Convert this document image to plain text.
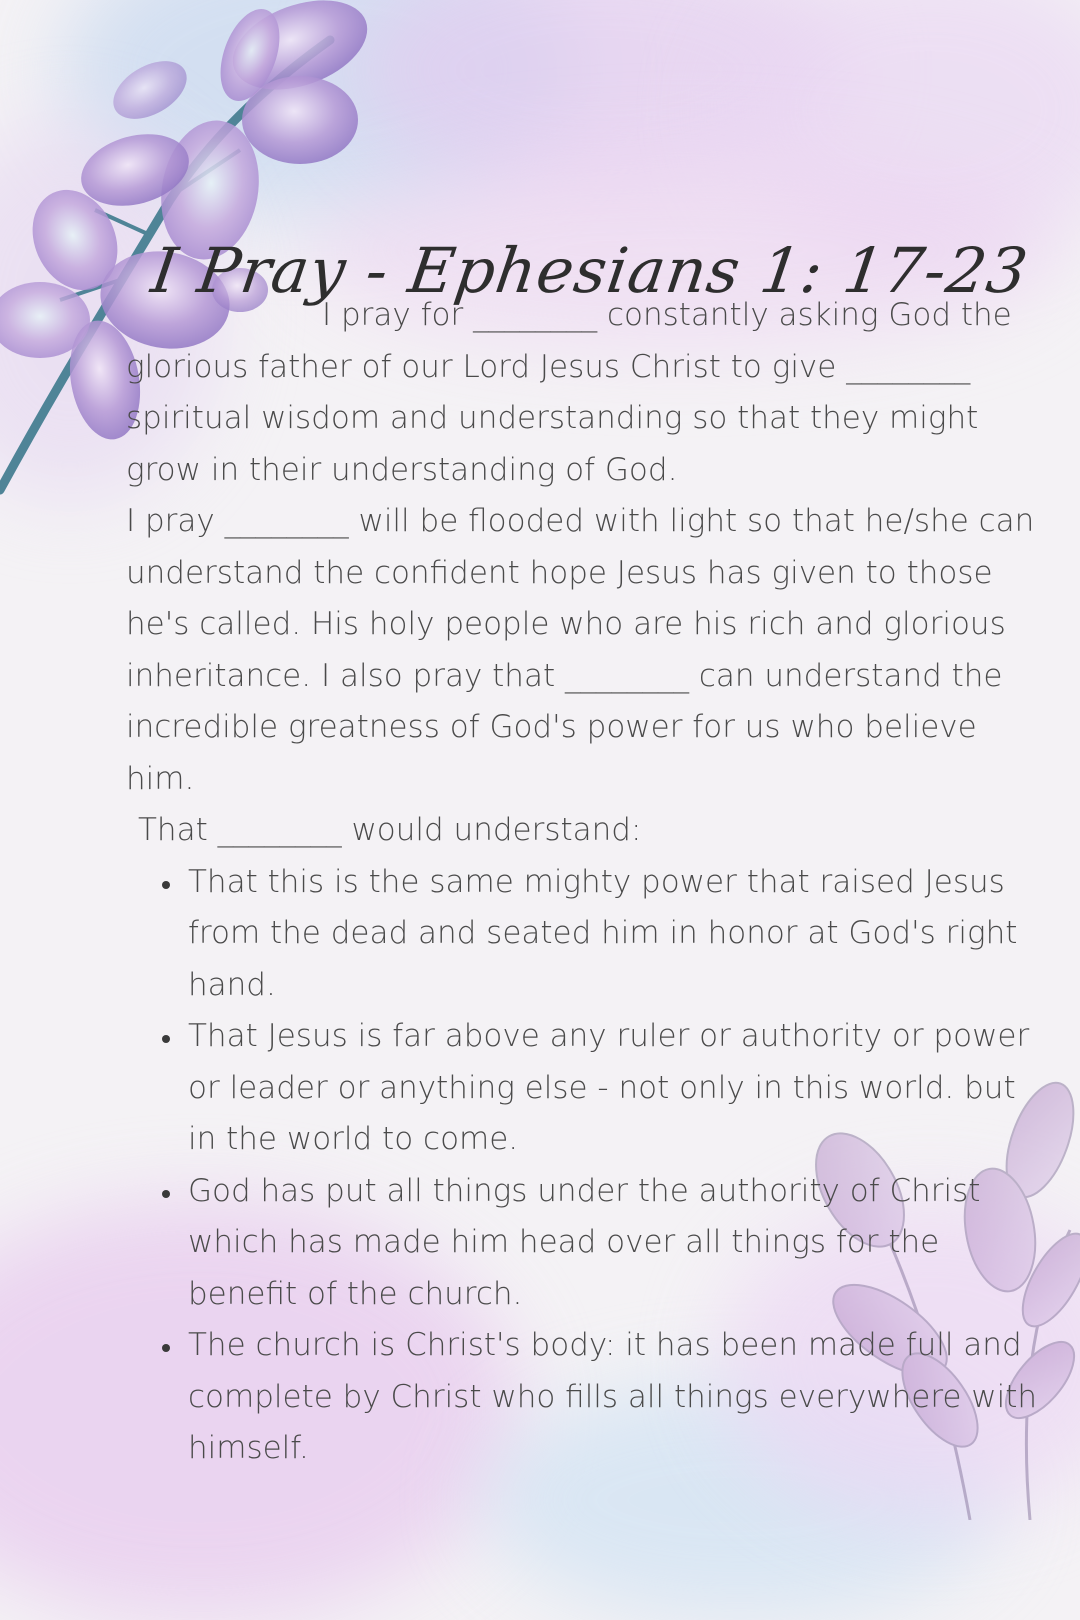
I Pray - Ephesians 1: 17-23

I pray for ________ constantly asking God the glorious father of our Lord Jesus Christ to give ________ spiritual wisdom and understanding so that they might grow in their understanding of God.

I pray ________ will be flooded with light so that he/she can understand the confident hope Jesus has given to those he's called. His holy people who are his rich and glorious inheritance. I also pray that ________ can understand the incredible greatness of God's power for us who believe him.

That ________ would understand:

That this is the same mighty power that raised Jesus from the dead and seated him in honor at God's right hand.
That Jesus is far above any ruler or authority or power or leader or anything else - not only in this world. but in the world to come.
God has put all things under the authority of Christ which has made him head over all things for the benefit of the church.
The church is Christ's body: it has been made full and complete by Christ who fills all things everywhere with himself.
